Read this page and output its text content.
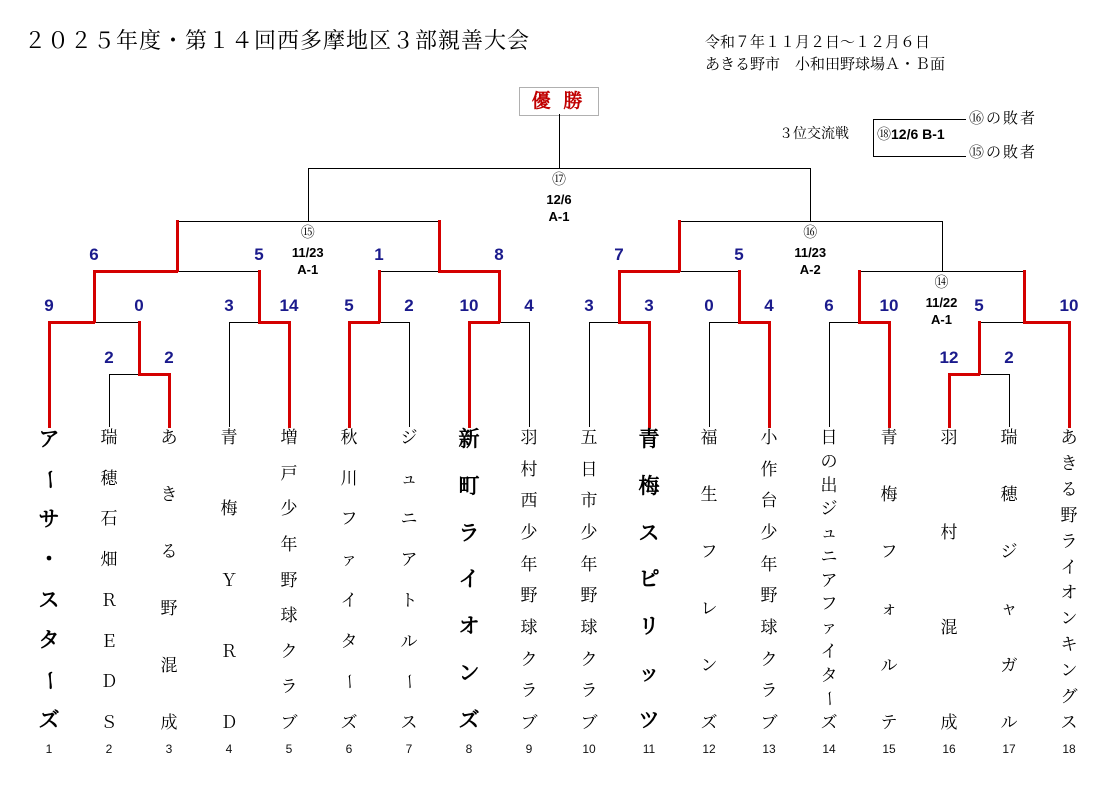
２０２５年度・第１４回西多摩地区３部親善大会	令和７年１１月２日～１２月６日
あきる野市　小和田野球場Ａ・Ｂ面
優 勝
３位交流戦 ⑱12/6 B-1
⑯の敗者
⑮の敗者
2	2	12	2
9	0	3	14	5	2	10	4	3	3	0	4	6	10	5	10
6	5	1	8	7	5
⑭
11/22
A-1
⑮
11/23
A-1
⑯
11/23
A-2
⑰
12/6
A-1
ア
ー
サ
・
ス
タ
ー
ズ
1
瑞
穂
石
畑
Ｒ
Ｅ
Ｄ
Ｓ
2
あ
き
る
野
混
成
3
青
梅
Ｙ
Ｒ
Ｄ
4
増
戸
少
年
野
球
ク
ラ
ブ
5
秋
川
フ
ァ
イ
タ
ー
ズ
6
ジ
ュ
ニ
ア
ト
ル
ー
ス
7
新
町
ラ
イ
オ
ン
ズ
8
羽
村
西
少
年
野
球
ク
ラ
ブ
9
五
日
市
少
年
野
球
ク
ラ
ブ
10
青
梅
ス
ピ
リ
ッ
ツ
11
福
生
フ
レ
ン
ズ
12
小
作
台
少
年
野
球
ク
ラ
ブ
13
日
の
出
ジ
ュ
ニ
ア
フ
ァ
イ
タ
ー
ズ
14
青
梅
フ
ォ
ル
テ
15
羽
村
混
成
16
瑞
穂
ジ
ャ
ガ
ル
17
あ
き
る
野
ラ
イ
オ
ン
キ
ン
グ
ス
18
